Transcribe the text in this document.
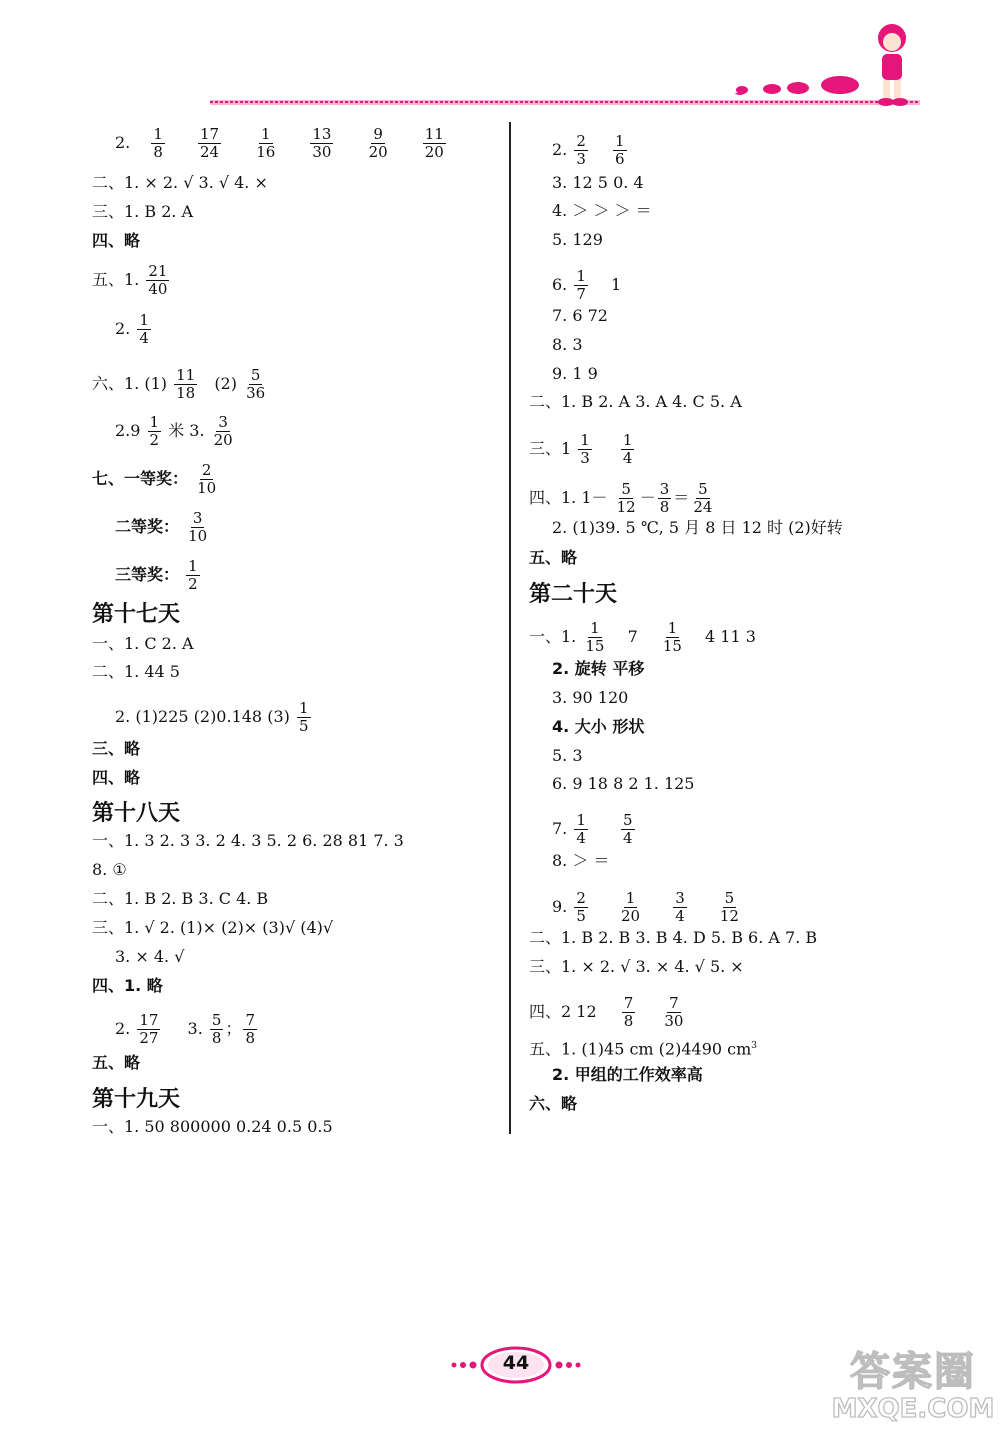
2. $\frac{1}{8}$
$\frac{17}{24}$
$\frac{1}{16}$
$\frac{13}{30}$
$\frac{9}{20}$
$\frac{11}{20}$
二、1. × 2. √ 3. √ 4. ×
三、1. B 2. A
四、略
五、1. $\frac{21}{40}$
2. $\frac{1}{4}$
六、1. $(1) \frac{11}{18} (2) \frac{5}{36}$
$2.9 \frac{1}{2}$ 米 3. $\frac{3}{20}$
七、一等奖： $\frac{2}{10}$
二等奖： $\frac{3}{10}$
三等奖： $\frac{1}{2}$
第十七天
一、1. C 2. A
二、1. 44 5
2. (1)225 (2)0.148 $(3) \frac{1}{5}$
三、略
四、略
第十八天
一、1. 3 2. 3 3. 2 4. 3 5. 2 6. 28 81 7. 3
8. ①
二、1. B 2. B 3. C 4. B
三、1. √ 2. (1)× (2)× (3)√ (4)√
3. × 4. √
四、1. 略
2. $\frac{17}{27} 3$. $\frac{5}{8}$ ； $\frac{7}{8}$
五、略
第十九天
一、1. 50 800000 0.24 0.5 0.5
2. $\frac{2}{3}$
$\frac{1}{6}$
3. 12 5 0. 4
4. ＞ ＞ ＞ ＝
5. 129
6. $\frac{1}{7} 1$
7. 6 72
8. 3
9. 1 9
二、1. B 2. A 3. A 4. C 5. A
三、$1 \frac{1}{3}$
$\frac{1}{4}$
四、1. $1- \frac{5}{12} - \frac{3}{8} = \frac{5}{24}$
2. (1)39. 5 ℃, 5 月 8 日 12 时 (2)好转
五、略
第二十天
一、1. $\frac{1}{15} 7 \frac{1}{15} 4$ 11 3
2. 旋转 平移
3. 90 120
4. 大小 形状
5. 3
6. 9 18 8 2 1. 125
7. $\frac{1}{4}$
$\frac{5}{4}$
8. ＞ ＝
9. $\frac{2}{5}$
$\frac{1}{20}$
$\frac{3}{4}$
$\frac{5}{12}$
二、1. B 2. B 3. B 4. D 5. B 6. A 7. B
三、1. × 2. √ 3. × 4. √ 5. ×
四、2 $12 \frac{7}{8}$
$\frac{7}{30}$
五、1. (1)45 cm (2)4490 $cm^3$
2. 甲组的工作效率高
六、略
44	答案圈
MXQE.COM
